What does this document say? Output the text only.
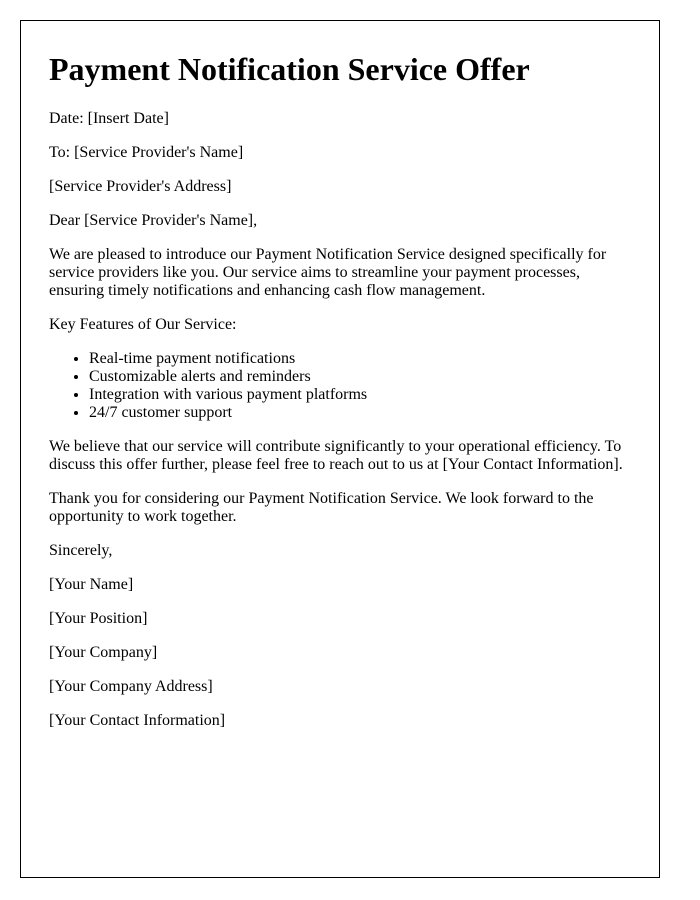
Payment Notification Service Offer

Date: [Insert Date]

To: [Service Provider's Name]

[Service Provider's Address]

Dear [Service Provider's Name],

We are pleased to introduce our Payment Notification Service designed specifically for service providers like you. Our service aims to streamline your payment processes, ensuring timely notifications and enhancing cash flow management.

Key Features of Our Service:

• Real-time payment notifications
• Customizable alerts and reminders
• Integration with various payment platforms
• 24/7 customer support

We believe that our service will contribute significantly to your operational efficiency. To discuss this offer further, please feel free to reach out to us at [Your Contact Information].

Thank you for considering our Payment Notification Service. We look forward to the opportunity to work together.

Sincerely,

[Your Name]

[Your Position]

[Your Company]

[Your Company Address]

[Your Contact Information]
